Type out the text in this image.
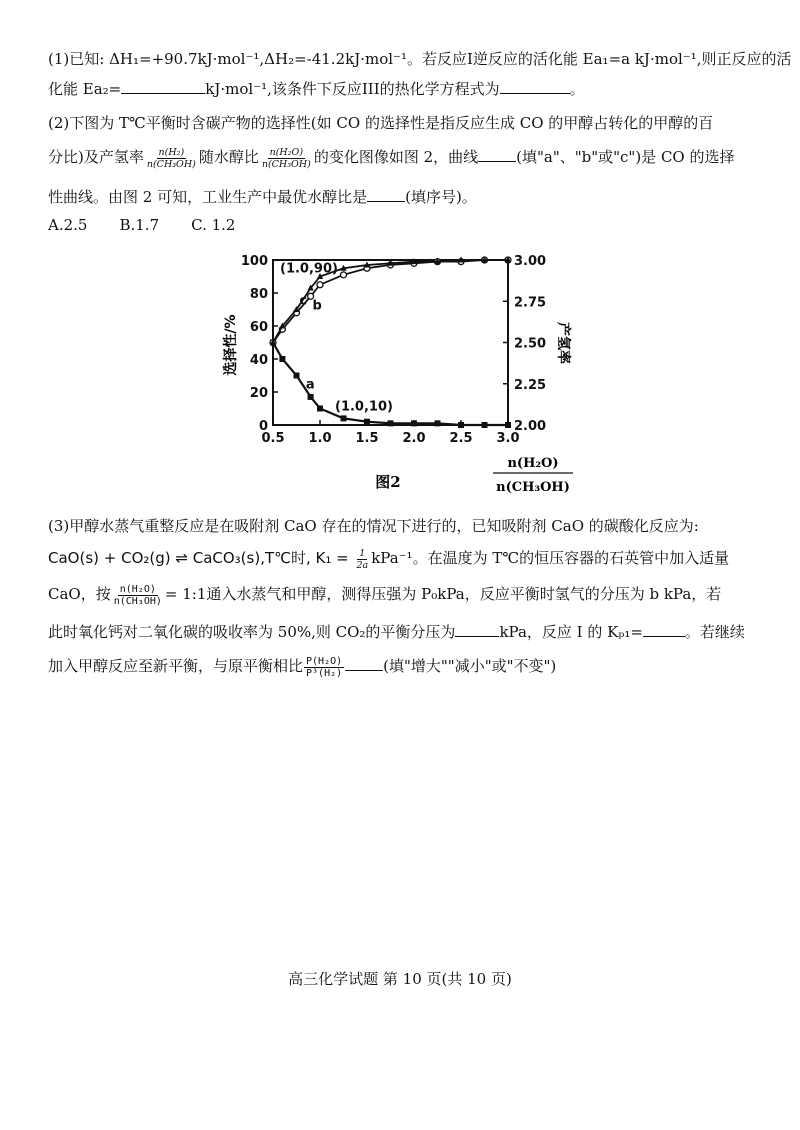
(1)已知: ΔH₁=+90.7kJ·mol⁻¹,ΔH₂=-41.2kJ·mol⁻¹。若反应I逆反应的活化能 Ea₁=a kJ·mol⁻¹,则正反应的活
化能 Ea₂=	kJ·mol⁻¹,该条件下反应III的热化学方程式为	。
(2)下图为 T℃平衡时含碳产物的选择性(如 CO 的选择性是指反应生成 CO 的甲醇占转化的甲醇的百
分比)及产氢率 $\frac{\text{n(H₂)}}{\text{n(CH₃OH)}}$ 随水醇比 $\frac{\text{n(H₂O)}}{\text{n(CH₃OH)}}$ 的变化图像如图 2，曲线	(填"a"、"b"或"c")是 CO 的选择
性曲线。由图 2 可知，工业生产中最优水醇比是	(填序号)。
A.2.5 B.1.7 C. 1.2
0.5 1.0 1.5 2.0 2.5 3.0
0
20
40
60
80
100
2.00
2.25
2.50
2.75
3.00
c b
a
(1.0,90)
(1.0,10)
选择性/%	产氢率
图2
n(H₂O)
n(CH₃OH)
(3)甲醇水蒸气重整反应是在吸附剂 CaO 存在的情况下进行的，已知吸附剂 CaO 的碳酸化反应为:
CaO(s) + CO₂(g) ⇌ CaCO₃(s),T℃时, $K_1 = \frac{1}{2a} kPa^{-1}$。在温度为 T℃的恒压容器的石英管中加入适量
CaO，按 $\frac{\text{n(H₂O)}}{\text{n(CH₃OH)}}$ = 1:1通入水蒸气和甲醇，测得压强为 P₀kPa，反应平衡时氢气的分压为 b kPa，若
此时氧化钙对二氧化碳的吸收率为 50%,则 CO₂的平衡分压为	kPa，反应 I 的 Kₚ₁=	。若继续
加入甲醇反应至新平衡，与原平衡相比 $\frac{\text{P(H₂O)}}{\text{P³(H₂)}}$	(填"增大""减小"或"不变")
高三化学试题 第 10 页(共 10 页)
